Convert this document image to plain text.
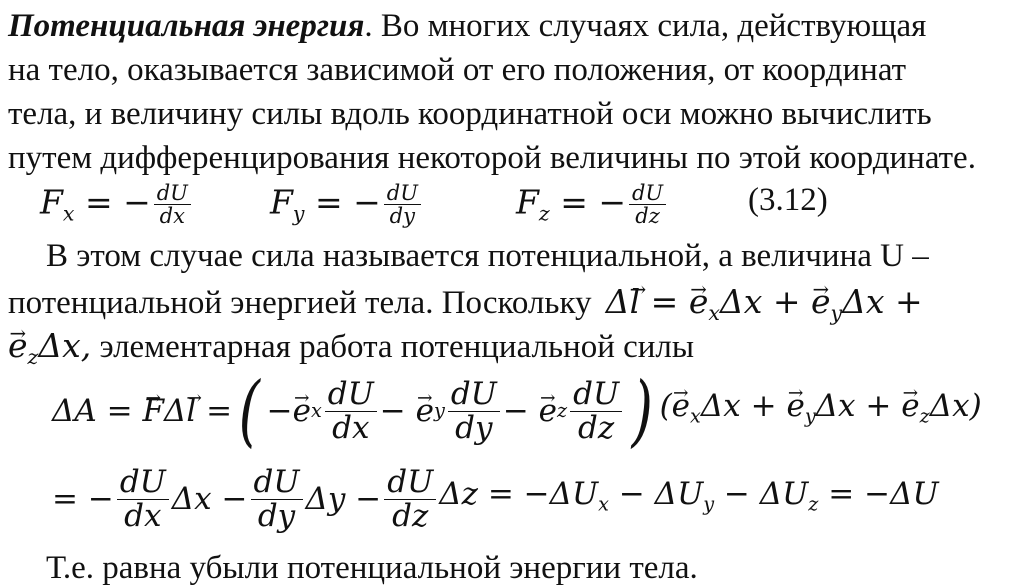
Потенциальная энергия. Во многих случаях сила, действующая
на тело, оказывается зависимой от его положения, от координат
тела, и величину силы вдоль координатной оси можно вычислить
путем дифференцирования некоторой величины по этой координате.
$F_x$ = − $\frac{dU}{dx} F_y$ = − $\frac{dU}{dy}$	$F_z$ = − $\frac{dU}{dz} (3.12)$
В этом случае сила называется потенциальной, а величина U –
потенциальной энергией тела. Поскольку Δ→ l = → $e_x\Delta x$ + → $e_y\Delta x$ +
→ $e_z\Delta x$, элементарная работа потенциальной силы
ΔA = → FΔ→ l = ( − → e x $\frac{dU}{dx}$ −
→ e y $\frac{dU}{dy}$ −
→ e z $\frac{dU}{dz}$ ) (→ $e_x\Delta x$ + → $e_y\Delta x$ + → $e_z\Delta x$)
= − $\frac{dU}{dx}$ $\Delta x - \frac{dU}{dy}$ $\Delta y - \frac{dU}{dz}$ $\Delta z = -\Delta U_x - \Delta U_y - \Delta U_z = -\Delta U$
Т.е. равна убыли потенциальной энергии тела.
